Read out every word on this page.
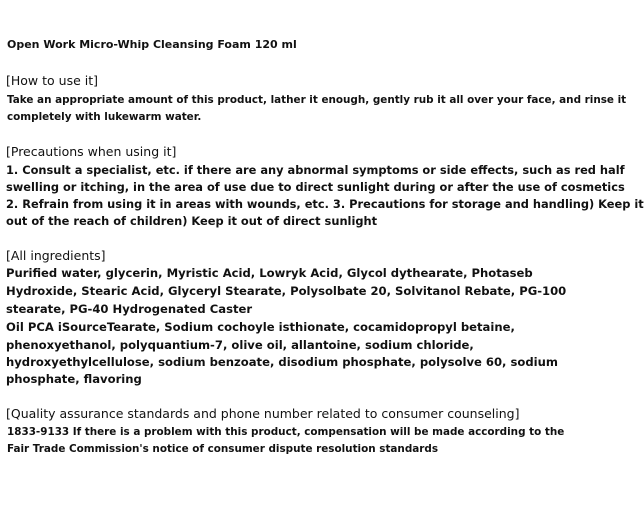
Open Work Micro-Whip Cleansing Foam 120 ml
[How to use it]
Take an appropriate amount of this product, lather it enough, gently rub it all over your face, and rinse it
completely with lukewarm water.
[Precautions when using it]
1. Consult a specialist, etc. if there are any abnormal symptoms or side effects, such as red half
swelling or itching, in the area of use due to direct sunlight during or after the use of cosmetics
2. Refrain from using it in areas with wounds, etc. 3. Precautions for storage and handling) Keep it
out of the reach of children) Keep it out of direct sunlight
[All ingredients]
Purified water, glycerin, Myristic Acid, Lowryk Acid, Glycol dythearate, Photaseb
Hydroxide, Stearic Acid, Glyceryl Stearate, Polysolbate 20, Solvitanol Rebate, PG-100
stearate, PG-40 Hydrogenated Caster
Oil PCA iSourceTearate, Sodium cochoyle isthionate, cocamidopropyl betaine,
phenoxyethanol, polyquantium-7, olive oil, allantoine, sodium chloride,
hydroxyethylcellulose, sodium benzoate, disodium phosphate, polysolve 60, sodium
phosphate, flavoring
[Quality assurance standards and phone number related to consumer counseling]
1833-9133 If there is a problem with this product, compensation will be made according to the
Fair Trade Commission's notice of consumer dispute resolution standards
